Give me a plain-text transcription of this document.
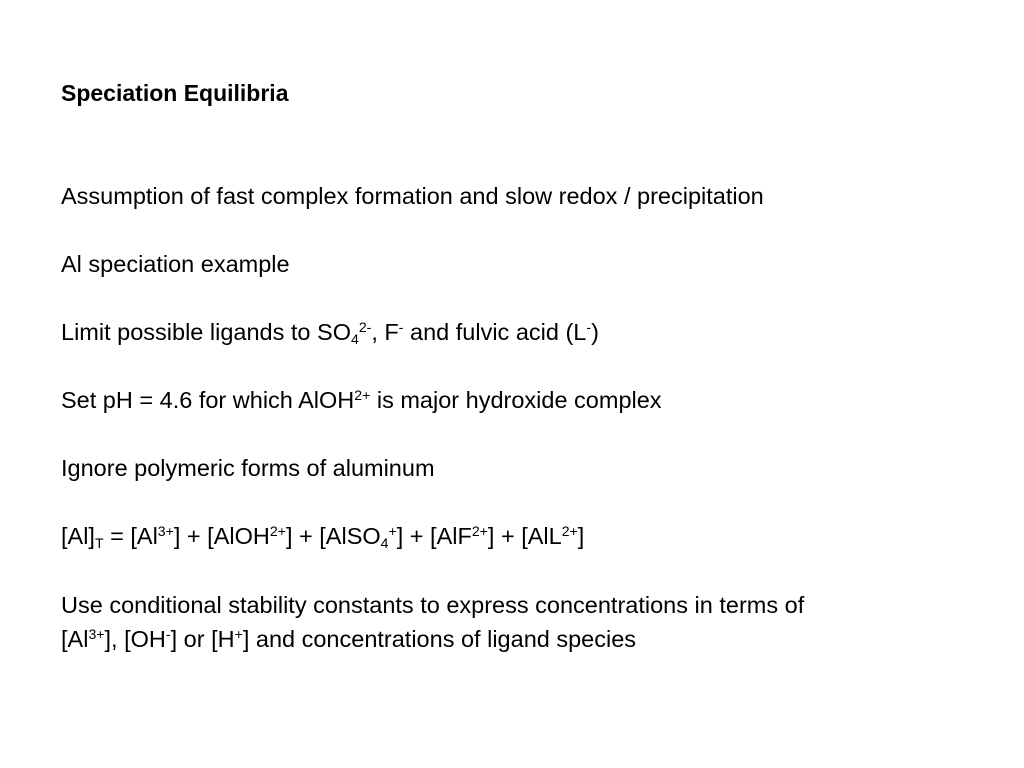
Speciation Equilibria

Assumption of fast complex formation and slow redox / precipitation

Al speciation example

Limit possible ligands to $SO_4^{2-}$, F- and fulvic acid (L-)

Set pH = 4.6 for which AlOH$^{2+}$ is major hydroxide complex

Ignore polymeric forms of aluminum

$[Al]_T = [Al^{3+}]$ + [AlOH$^{2+}$] + [AlSO$_4$+] + [AlF$^{2+}$] + [AlL$^{2+}$]

Use conditional stability constants to express concentrations in terms of

$[Al^{3+}]$, [OH-] or [H+] and concentrations of ligand species
